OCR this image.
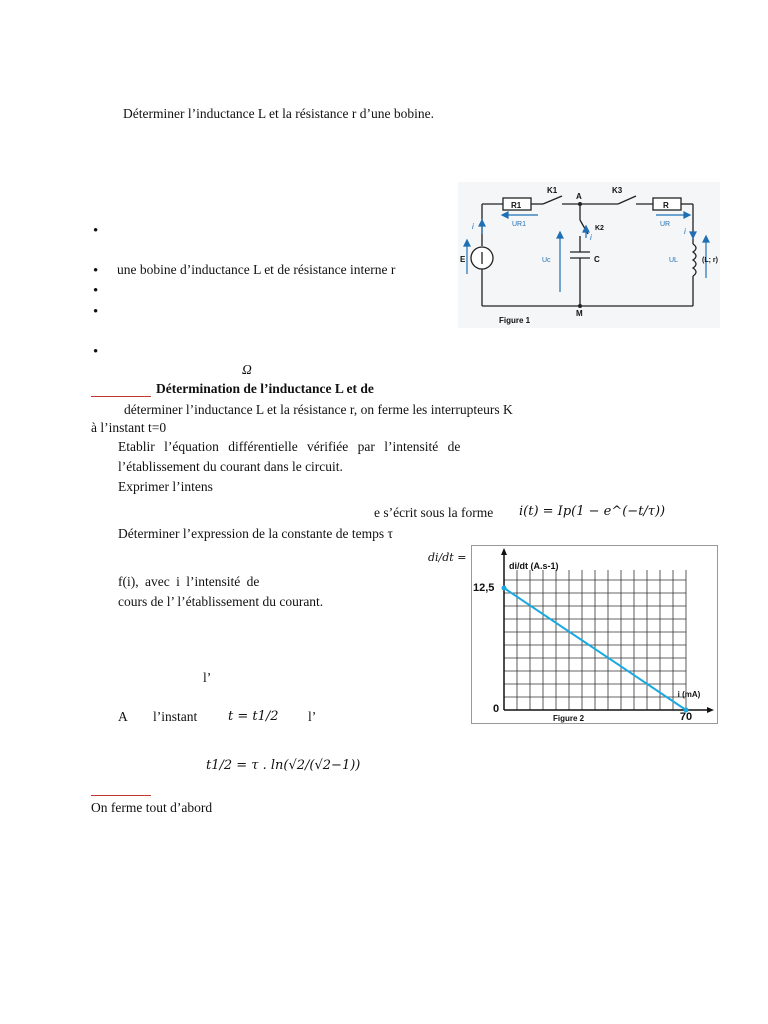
Déterminer l’inductance L et la résistance r d’une bobine.
•
• une bobine d’inductance L et de résistance interne r
•
•
•
Ω
R1
K1
A
K3
R
K2
E	C	(L; r)
M
UR1	UR
Uc	UL
i
i
i
Figure 1
Détermination de l’inductance L et de
déterminer l’inductance L et la résistance r, on ferme les interrupteurs K
à l’instant t=0
Etablir l’équation différentielle vérifiée par l’intensité de
l’établissement du courant dans le circuit.
Exprimer l’intens
e s’écrit sous la forme i(t) = Ip(1 − e^(−t/τ))
Déterminer l’expression de la constante de temps τ
di/dt =
f(i), avec i l’intensité de
cours de l’ l’établissement du courant.
l’
A l’instant t = t1/2 l’
t1/2 = τ . ln(√2/(√2−1))
di/dt (A.s-1)
i (mA)
12,5
0
70
Figure 2
On ferme tout d’abord
